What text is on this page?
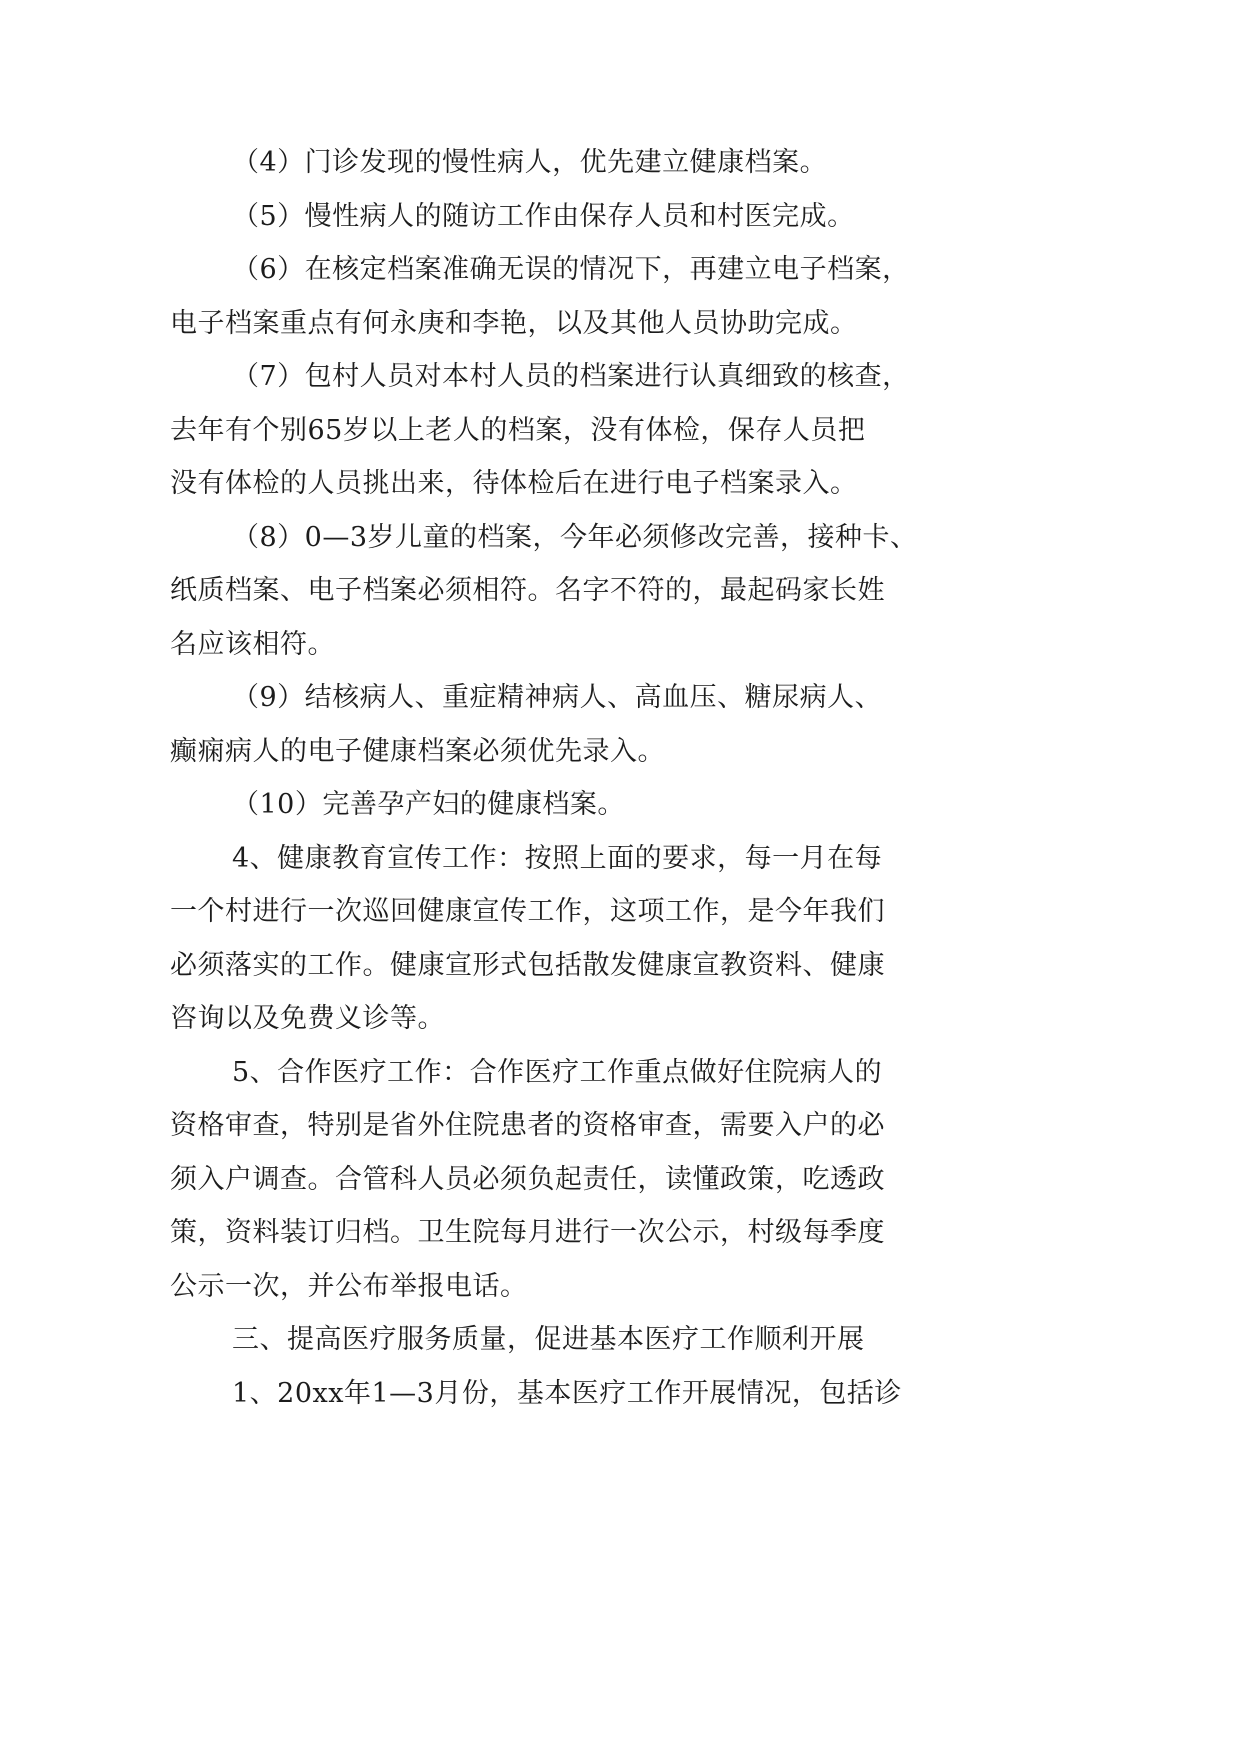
（4）门诊发现的慢性病人，优先建立健康档案。

（5）慢性病人的随访工作由保存人员和村医完成。

（6）在核定档案准确无误的情况下，再建立电子档案，
电子档案重点有何永庚和李艳，以及其他人员协助完成。

（7）包村人员对本村人员的档案进行认真细致的核查，
去年有个别65岁以上老人的档案，没有体检，保存人员把
没有体检的人员挑出来，待体检后在进行电子档案录入。

（8）0—3岁儿童的档案，今年必须修改完善，接种卡、
纸质档案、电子档案必须相符。名字不符的，最起码家长姓
名应该相符。

（9）结核病人、重症精神病人、高血压、糖尿病人、
癫痫病人的电子健康档案必须优先录入。

（10）完善孕产妇的健康档案。

4、健康教育宣传工作：按照上面的要求，每一月在每
一个村进行一次巡回健康宣传工作，这项工作，是今年我们
必须落实的工作。健康宣形式包括散发健康宣教资料、健康
咨询以及免费义诊等。

5、合作医疗工作：合作医疗工作重点做好住院病人的
资格审查，特别是省外住院患者的资格审查，需要入户的必
须入户调查。合管科人员必须负起责任，读懂政策，吃透政
策，资料装订归档。卫生院每月进行一次公示，村级每季度
公示一次，并公布举报电话。

三、提高医疗服务质量，促进基本医疗工作顺利开展

1、20xx年1—3月份，基本医疗工作开展情况，包括诊
